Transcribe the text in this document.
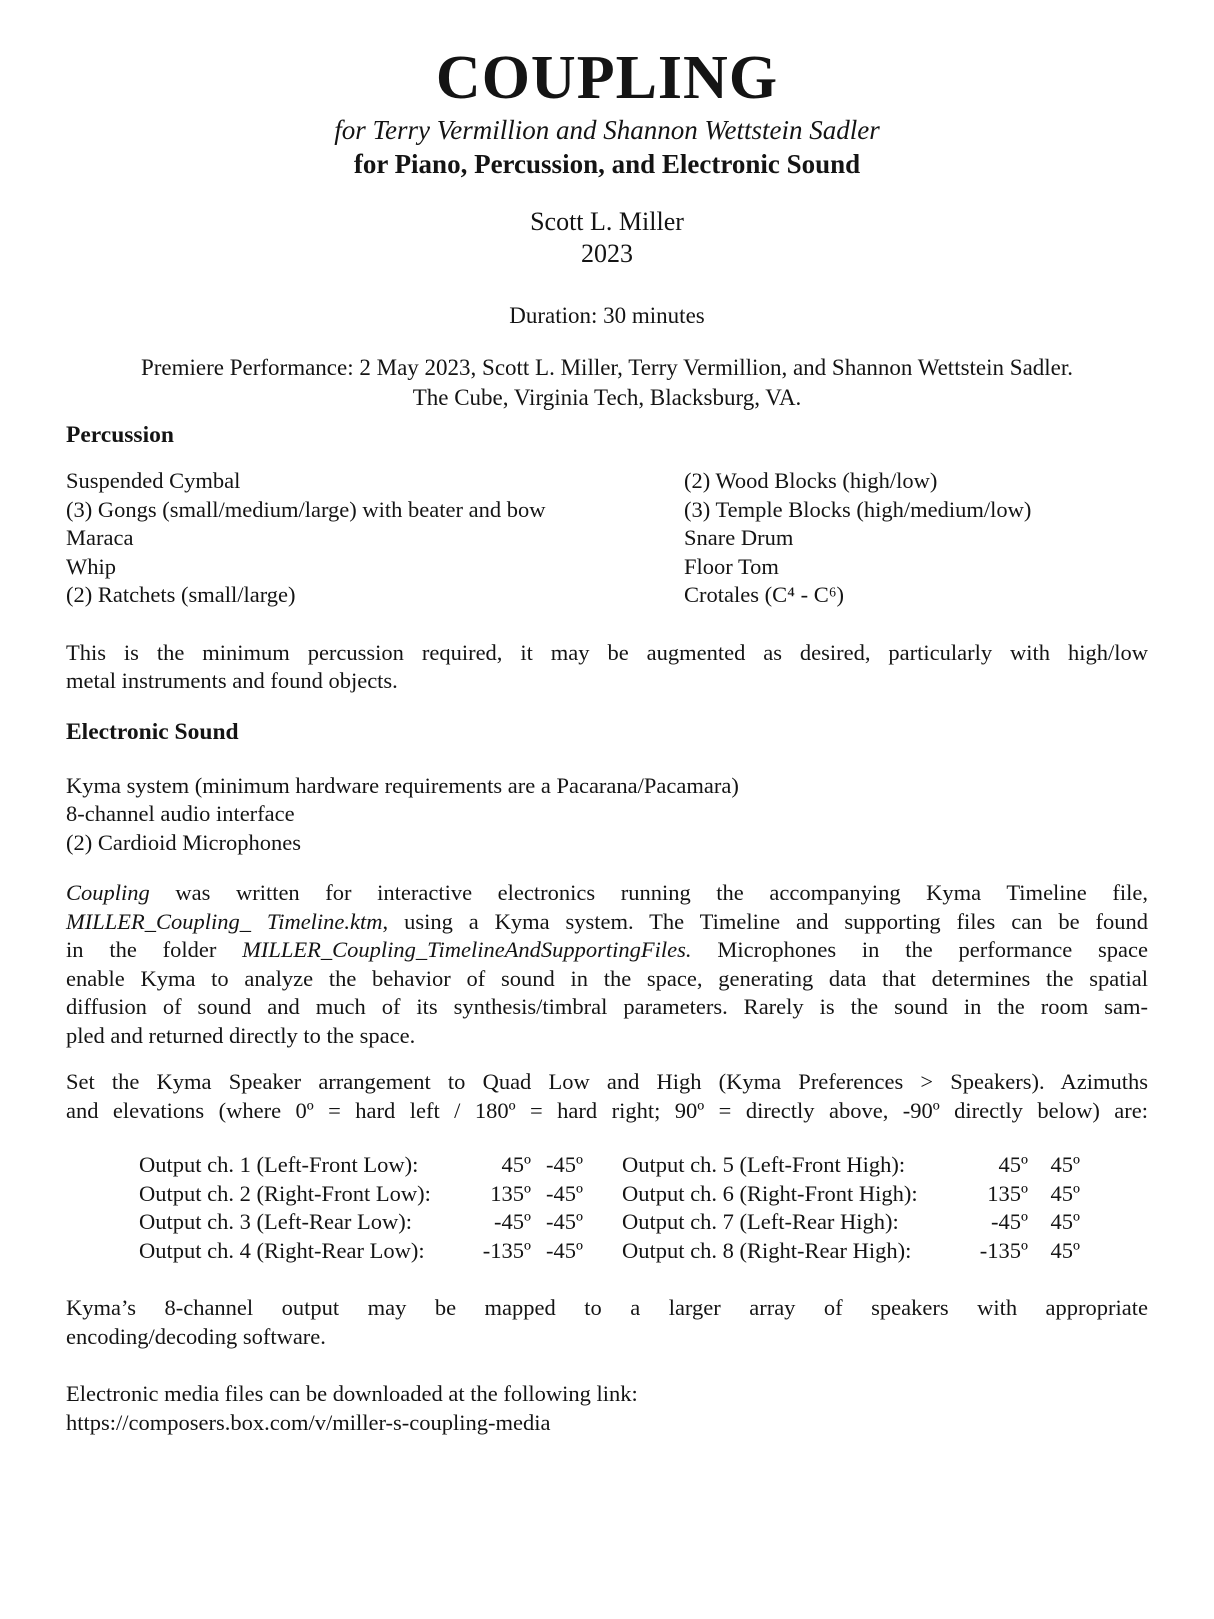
COUPLING
for Terry Vermillion and Shannon Wettstein Sadler
for Piano, Percussion, and Electronic Sound
Scott L. Miller
2023
Duration: 30 minutes
Premiere Performance: 2 May 2023, Scott L. Miller, Terry Vermillion, and Shannon Wettstein Sadler.
The Cube, Virginia Tech, Blacksburg, VA.
Percussion
Suspended Cymbal
(3) Gongs (small/medium/large) with beater and bow
Maraca
Whip
(2) Ratchets (small/large)
(2) Wood Blocks (high/low)
(3) Temple Blocks (high/medium/low)
Snare Drum
Floor Tom
Crotales (C⁴ - C⁶)
This is the minimum percussion required, it may be augmented as desired, particularly with high/low
metal instruments and found objects.
Electronic Sound
Kyma system (minimum hardware requirements are a Pacarana/Pacamara)
8-channel audio interface
(2) Cardioid Microphones
Coupling was written for interactive electronics running the accompanying Kyma Timeline file,
MILLER_Coupling_ Timeline.ktm, using a Kyma system. The Timeline and supporting files can be found
in the folder MILLER_Coupling_TimelineAndSupportingFiles. Microphones in the performance space
enable Kyma to analyze the behavior of sound in the space, generating data that determines the spatial
diffusion of sound and much of its synthesis/timbral parameters. Rarely is the sound in the room sam-
pled and returned directly to the space.
Set the Kyma Speaker arrangement to Quad Low and High (Kyma Preferences > Speakers). Azimuths
and elevations (where 0º = hard left / 180º = hard right; 90º = directly above, -90º directly below) are:
Output ch. 1 (Left-Front Low):	45º -45º
Output ch. 2 (Right-Front Low):	135º -45º
Output ch. 3 (Left-Rear Low):	-45º -45º
Output ch. 4 (Right-Rear Low):	-135º -45º
Output ch. 5 (Left-Front High):	45º	45º
Output ch. 6 (Right-Front High):	135º	45º
Output ch. 7 (Left-Rear High):	-45º	45º
Output ch. 8 (Right-Rear High):	-135º	45º
Kyma’s 8-channel output may be mapped to a larger array of speakers with appropriate
encoding/decoding software.
Electronic media files can be downloaded at the following link:
https://composers.box.com/v/miller-s-coupling-media
